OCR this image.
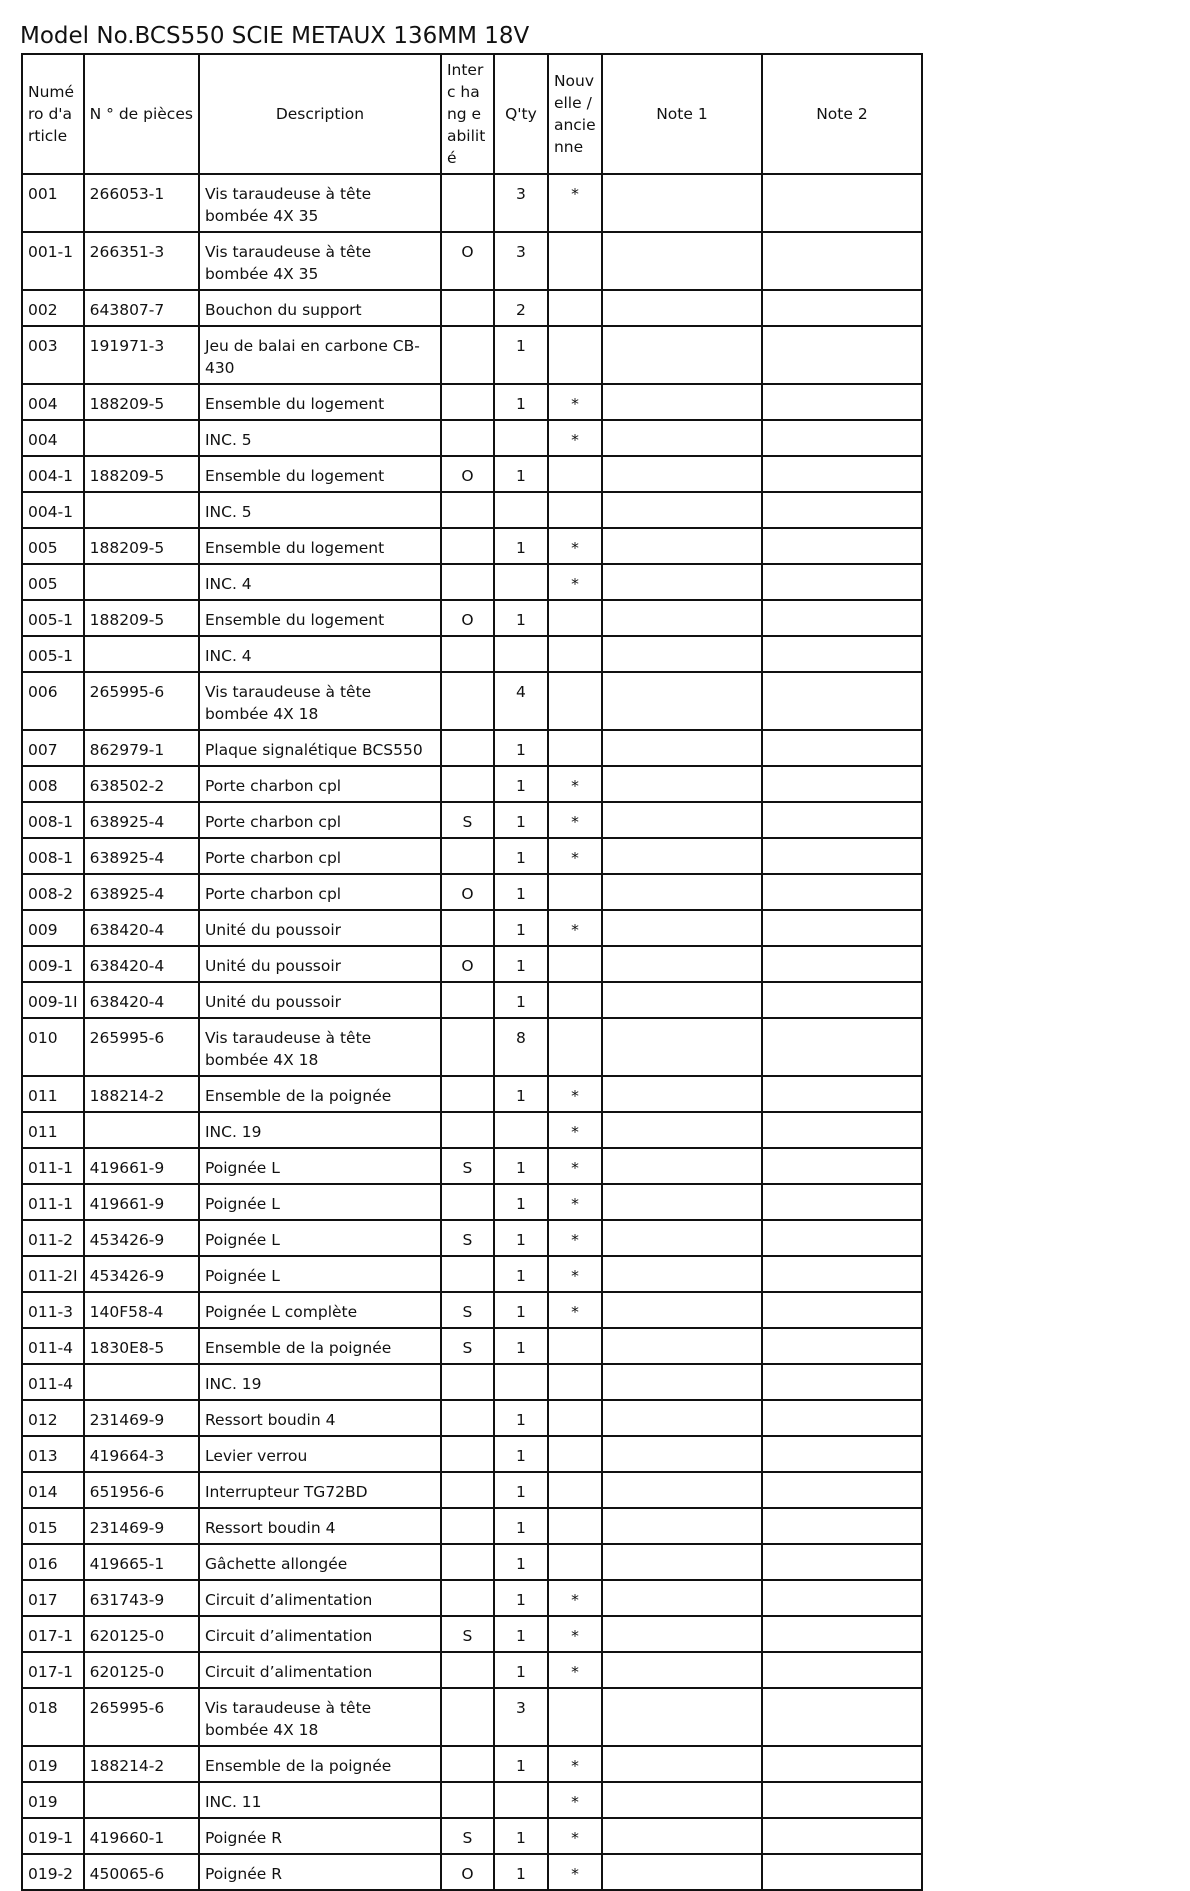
Model No.BCS550 SCIE METAUX 136MM 18V
Numé ro d'a rticle	N ° de pièces	Description	Interc hang eabilit é	Q'ty	Nouv elle / ancie nne	Note 1	Note 2
001	266053-1	Vis taraudeuse à tête bombée 4X 35		3	*		
001-1	266351-3	Vis taraudeuse à tête bombée 4X 35	O	3			
002	643807-7	Bouchon du support		2			
003	191971-3	Jeu de balai en carbone CB-430		1			
004	188209-5	Ensemble du logement		1	*		
004		INC. 5			*		
004-1	188209-5	Ensemble du logement	O	1			
004-1		INC. 5					
005	188209-5	Ensemble du logement		1	*		
005		INC. 4			*		
005-1	188209-5	Ensemble du logement	O	1			
005-1		INC. 4					
006	265995-6	Vis taraudeuse à tête bombée 4X 18		4			
007	862979-1	Plaque signalétique BCS550		1			
008	638502-2	Porte charbon cpl		1	*		
008-1	638925-4	Porte charbon cpl	S	1	*		
008-1	638925-4	Porte charbon cpl		1	*		
008-2	638925-4	Porte charbon cpl	O	1			
009	638420-4	Unité du poussoir		1	*		
009-1	638420-4	Unité du poussoir	O	1			
009-1I	638420-4	Unité du poussoir		1			
010	265995-6	Vis taraudeuse à tête bombée 4X 18		8			
011	188214-2	Ensemble de la poignée		1	*		
011		INC. 19			*		
011-1	419661-9	Poignée L	S	1	*		
011-1	419661-9	Poignée L		1	*		
011-2	453426-9	Poignée L	S	1	*		
011-2I	453426-9	Poignée L		1	*		
011-3	140F58-4	Poignée L complète	S	1	*		
011-4	1830E8-5	Ensemble de la poignée	S	1			
011-4		INC. 19					
012	231469-9	Ressort boudin 4		1			
013	419664-3	Levier verrou		1			
014	651956-6	Interrupteur TG72BD		1			
015	231469-9	Ressort boudin 4		1			
016	419665-1	Gâchette allongée		1			
017	631743-9	Circuit d’alimentation		1	*		
017-1	620125-0	Circuit d’alimentation	S	1	*		
017-1	620125-0	Circuit d’alimentation		1	*		
018	265995-6	Vis taraudeuse à tête bombée 4X 18		3			
019	188214-2	Ensemble de la poignée		1	*		
019		INC. 11			*		
019-1	419660-1	Poignée R	S	1	*		
019-2	450065-6	Poignée R	O	1	*		
